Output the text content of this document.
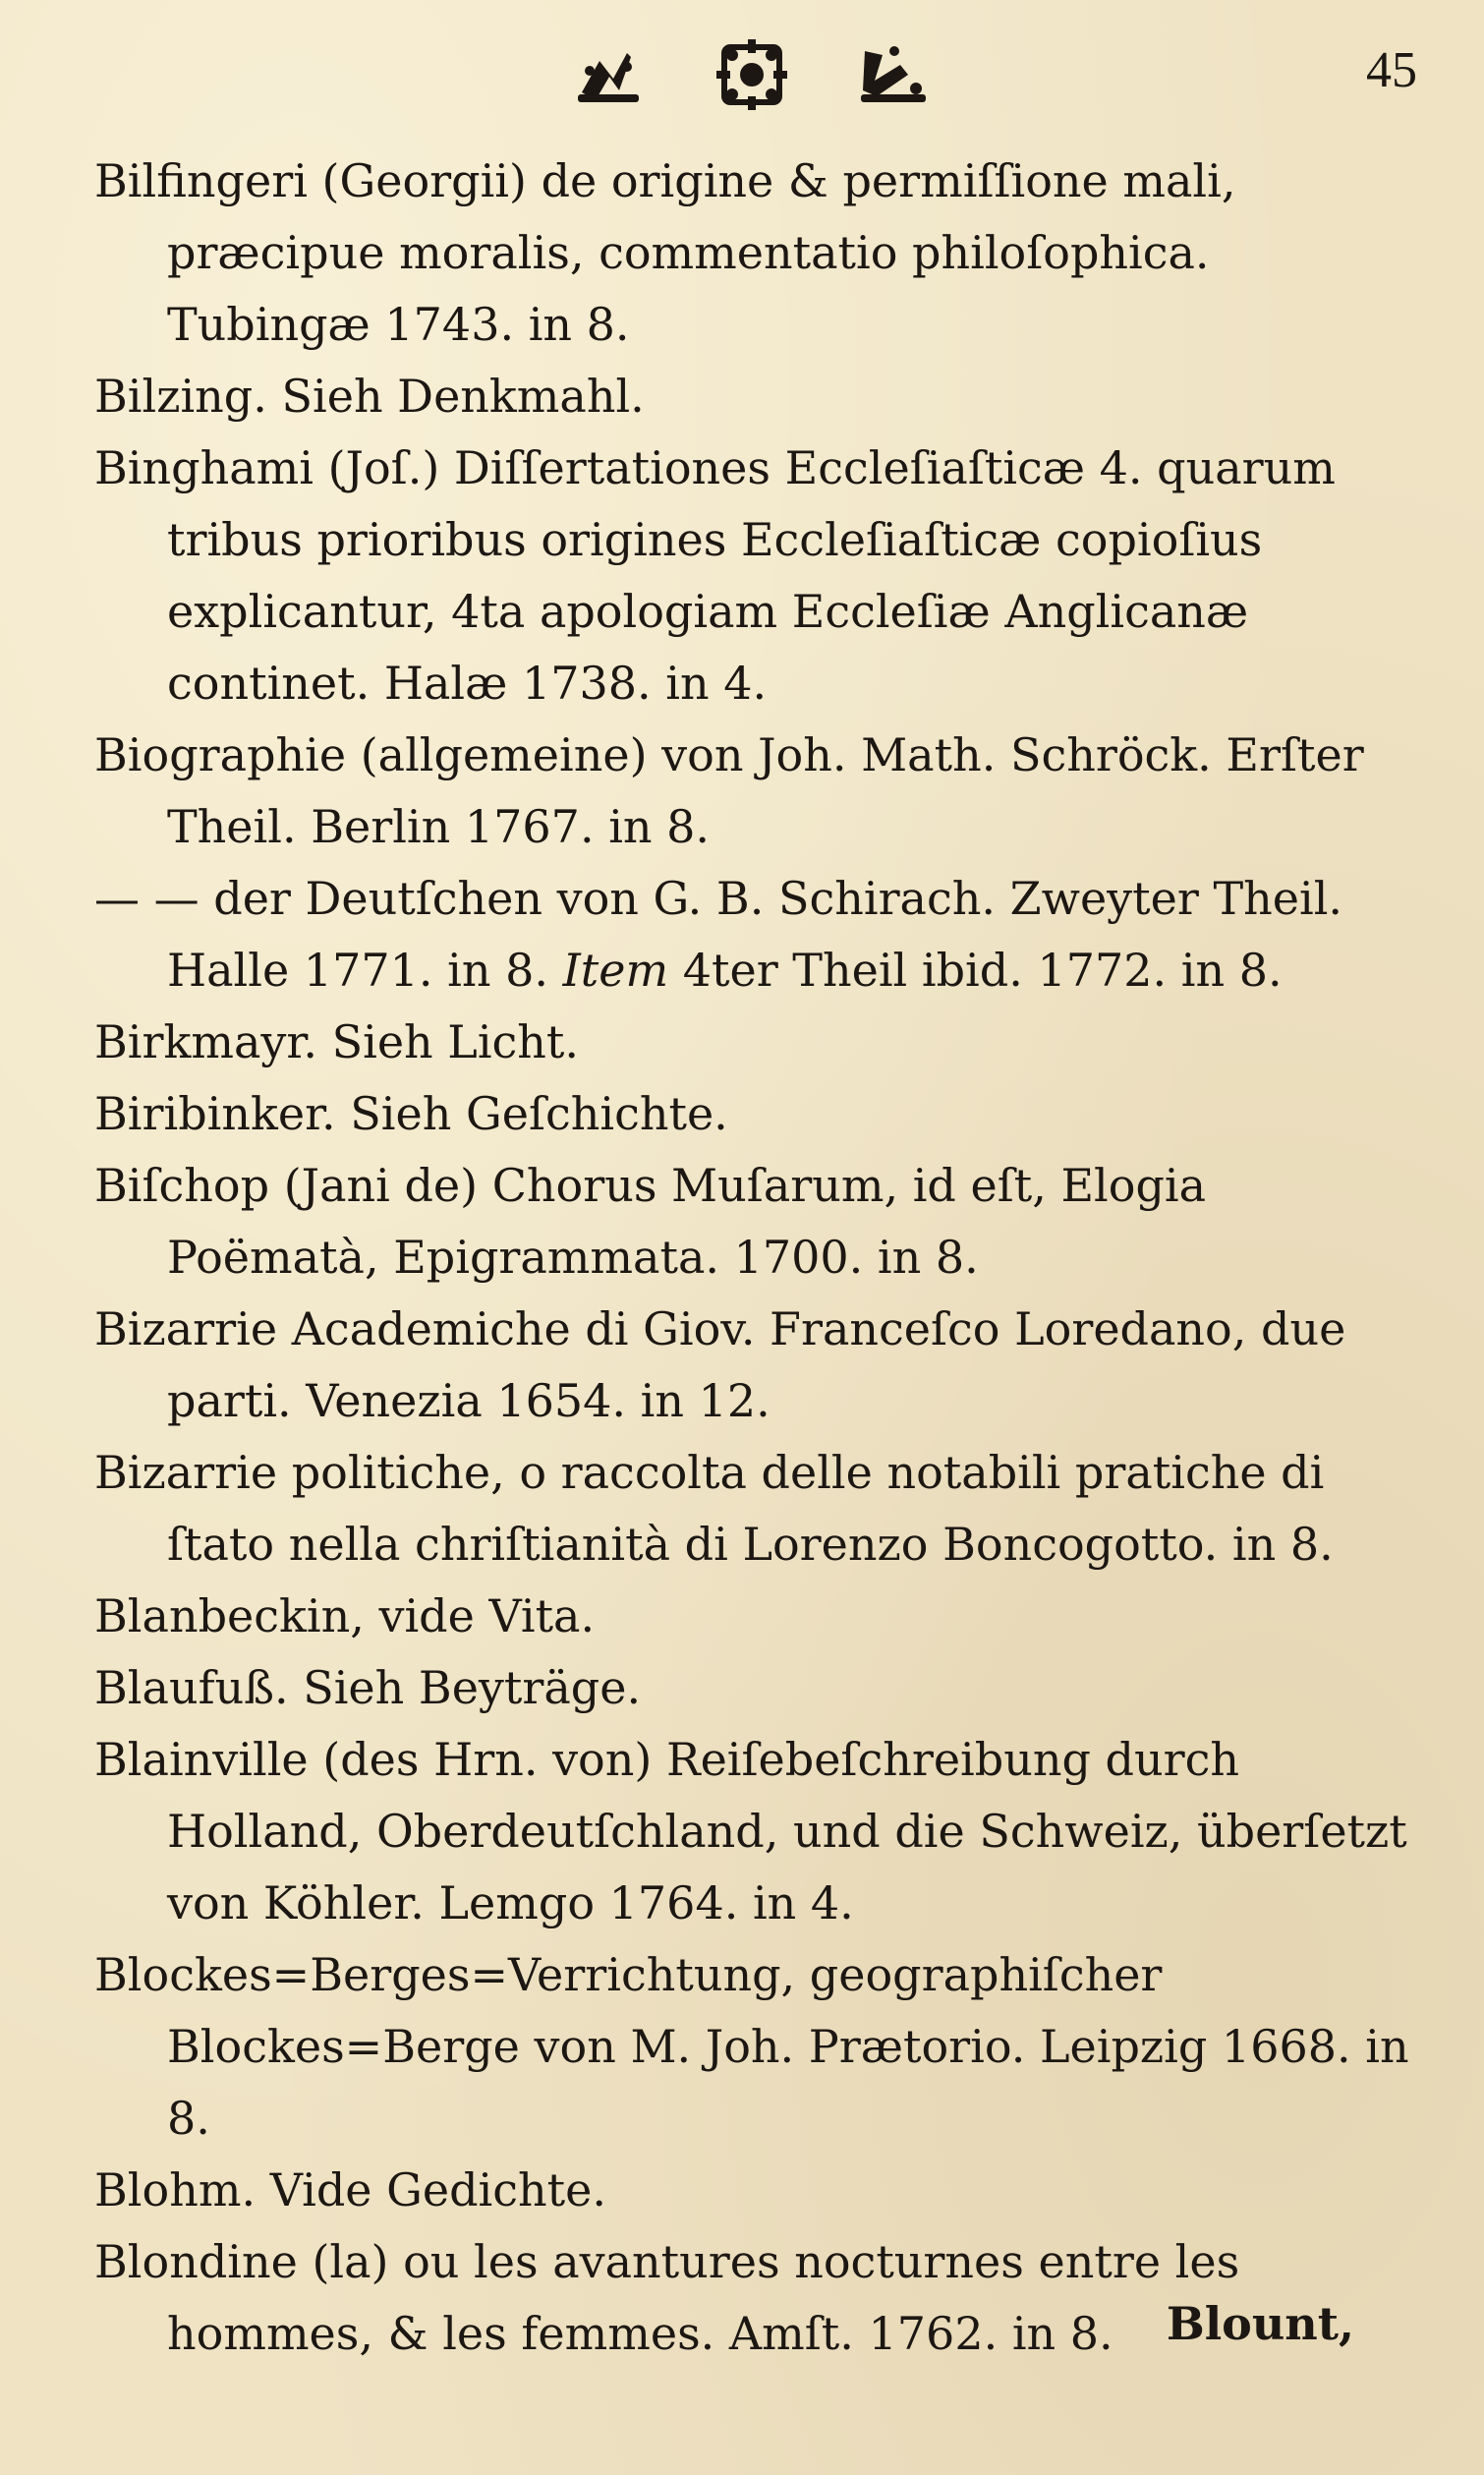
45

Bilfingeri (Georgii) de origine & permiſſione mali, præcipue moralis, commentatio philoſophica. Tubingæ 1743. in 8.

Bilzing. Sieh Denkmahl.

Binghami (Joſ.) Diſſertationes Eccleſiaſticæ 4. quarum tribus prioribus origines Eccleſiaſticæ copioſius explicantur, 4ta apologiam Eccleſiæ Anglicanæ continet. Halæ 1738. in 4.

Biographie (allgemeine) von Joh. Math. Schröck. Erſter Theil. Berlin 1767. in 8.

— — der Deutſchen von G. B. Schirach. Zweyter Theil. Halle 1771. in 8. Item 4ter Theil ibid. 1772. in 8.

Birkmayr. Sieh Licht.

Biribinker. Sieh Geſchichte.

Biſchop (Jani de) Chorus Muſarum, id eſt, Elogia Poëmatà, Epigrammata. 1700. in 8.

Bizarrie Academiche di Giov. Franceſco Loredano, due parti. Venezia 1654. in 12.

Bizarrie politiche, o raccolta delle notabili pratiche di ſtato nella chriſtianità di Lorenzo Boncogotto. in 8.

Blanbeckin, vide Vita.

Blaufuß. Sieh Beyträge.

Blainville (des Hrn. von) Reiſebeſchreibung durch Holland, Oberdeutſchland, und die Schweiz, überſetzt von Köhler. Lemgo 1764. in 4.

Blockes=Berges=Verrichtung, geographiſcher Blockes=Berge von M. Joh. Prætorio. Leipzig 1668. in 8.

Blohm. Vide Gedichte.

Blondine (la) ou les avantures nocturnes entre les hommes, & les femmes. Amſt. 1762. in 8.	Blount,
